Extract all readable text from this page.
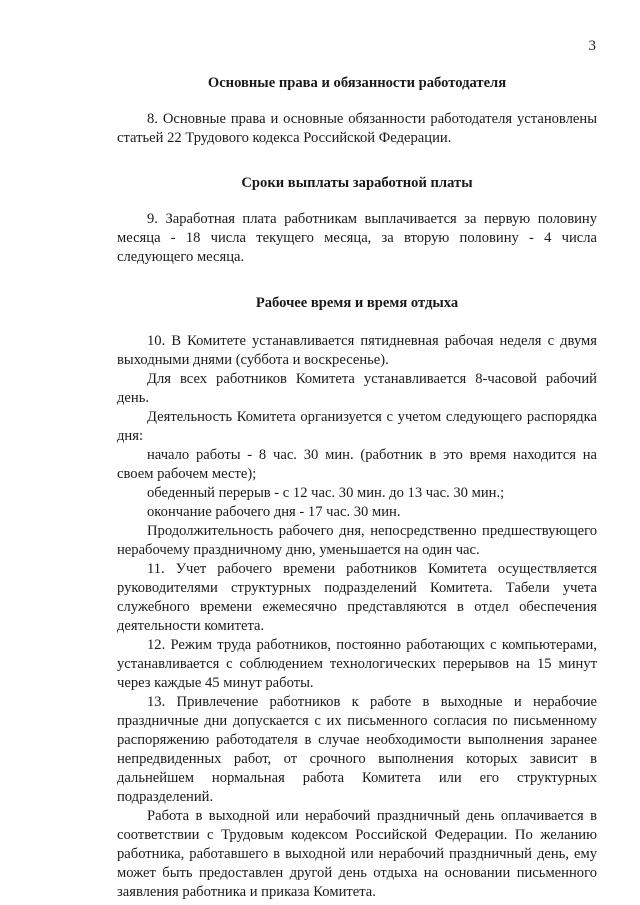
3
Основные права и обязанности работодателя

8. Основные права и основные обязанности работодателя установлены статьей 22 Трудового кодекса Российской Федерации.

Сроки выплаты заработной платы

9. Заработная плата работникам выплачивается за первую половину месяца - 18 числа текущего месяца, за вторую половину - 4 числа следующего месяца.

Рабочее время и время отдыха

10. В Комитете устанавливается пятидневная рабочая неделя с двумя выходными днями (суббота и воскресенье).

Для всех работников Комитета устанавливается 8-часовой рабочий день.

Деятельность Комитета организуется с учетом следующего распорядка дня:

начало работы - 8 час. 30 мин. (работник в это время находится на своем рабочем месте);

обеденный перерыв - с 12 час. 30 мин. до 13 час. 30 мин.;

окончание рабочего дня - 17 час. 30 мин.

Продолжительность рабочего дня, непосредственно предшествующего нерабочему праздничному дню, уменьшается на один час.

11. Учет рабочего времени работников Комитета осуществляется руководителями структурных подразделений Комитета. Табели учета служебного времени ежемесячно представляются в отдел обеспечения деятельности комитета.

12. Режим труда работников, постоянно работающих с компьютерами, устанавливается с соблюдением технологических перерывов на 15 минут через каждые 45 минут работы.

13. Привлечение работников к работе в выходные и нерабочие праздничные дни допускается с их письменного согласия по письменному распоряжению работодателя в случае необходимости выполнения заранее непредвиденных работ, от срочного выполнения которых зависит в дальнейшем нормальная работа Комитета или его структурных подразделений.

Работа в выходной или нерабочий праздничный день оплачивается в соответствии с Трудовым кодексом Российской Федерации. По желанию работника, работавшего в выходной или нерабочий праздничный день, ему может быть предоставлен другой день отдыха на основании письменного заявления работника и приказа Комитета.
